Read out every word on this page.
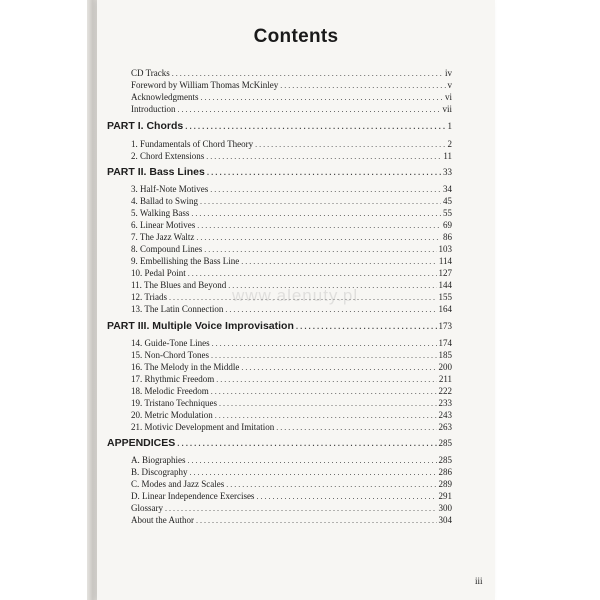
Contents
CD Tracks .....	iv
Foreword by William Thomas McKinley .....	v
Acknowledgments .....	vi
Introduction .....	vii
PART I. Chords .....	1
1. Fundamentals of Chord Theory .....	2
2. Chord Extensions .....	11
PART II. Bass Lines .....	33
3. Half-Note Motives .....	34
4. Ballad to Swing .....	45
5. Walking Bass .....	55
6. Linear Motives .....	69
7. The Jazz Waltz .....	86
8. Compound Lines .....	103
9. Embellishing the Bass Line .....	114
10. Pedal Point .....	127
11. The Blues and Beyond .....	144
12. Triads .....	155
13. The Latin Connection .....	164
PART III. Multiple Voice Improvisation .....	173
14. Guide-Tone Lines .....	174
15. Non-Chord Tones .....	185
16. The Melody in the Middle .....	200
17. Rhythmic Freedom .....	211
18. Melodic Freedom .....	222
19. Tristano Techniques .....	233
20. Metric Modulation .....	243
21. Motivic Development and Imitation .....	263
APPENDICES .....	285
A. Biographies .....	285
B. Discography .....	286
C. Modes and Jazz Scales .....	289
D. Linear Independence Exercises .....	291
Glossary .....	300
About the Author .....	304
www.alenuty.pl
iii
